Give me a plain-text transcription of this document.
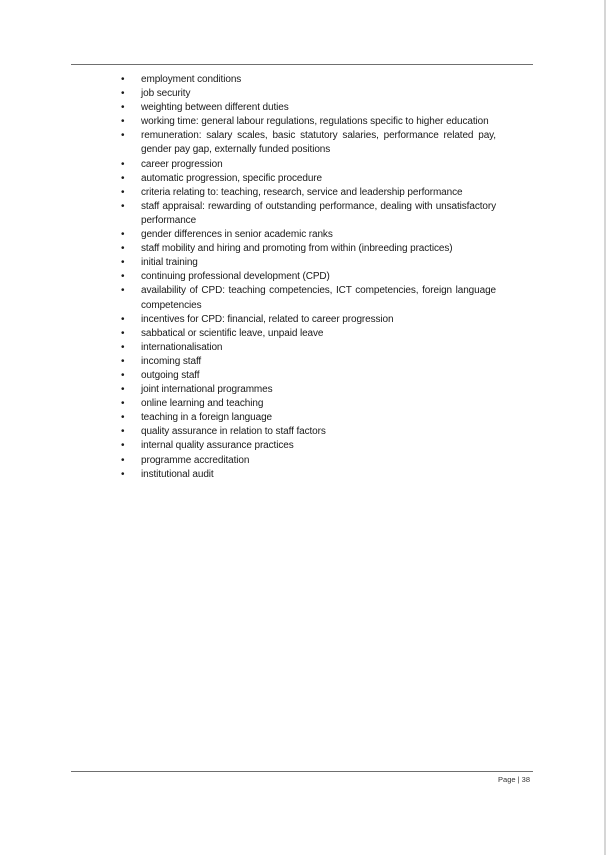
• employment conditions
• job security
• weighting between different duties
• working time: general labour regulations, regulations specific to higher education
• remuneration: salary scales, basic statutory salaries, performance related pay, gender pay gap, externally funded positions
• career progression
• automatic progression, specific procedure
• criteria relating to: teaching, research, service and leadership performance
• staff appraisal: rewarding of outstanding performance, dealing with unsatisfactory performance
• gender differences in senior academic ranks
• staff mobility and hiring and promoting from within (inbreeding practices)
• initial training
• continuing professional development (CPD)
• availability of CPD: teaching competencies, ICT competencies, foreign language competencies
• incentives for CPD: financial, related to career progression
• sabbatical or scientific leave, unpaid leave
• internationalisation
• incoming staff
• outgoing staff
• joint international programmes
• online learning and teaching
• teaching in a foreign language
• quality assurance in relation to staff factors
• internal quality assurance practices
• programme accreditation
• institutional audit
Page | 38
